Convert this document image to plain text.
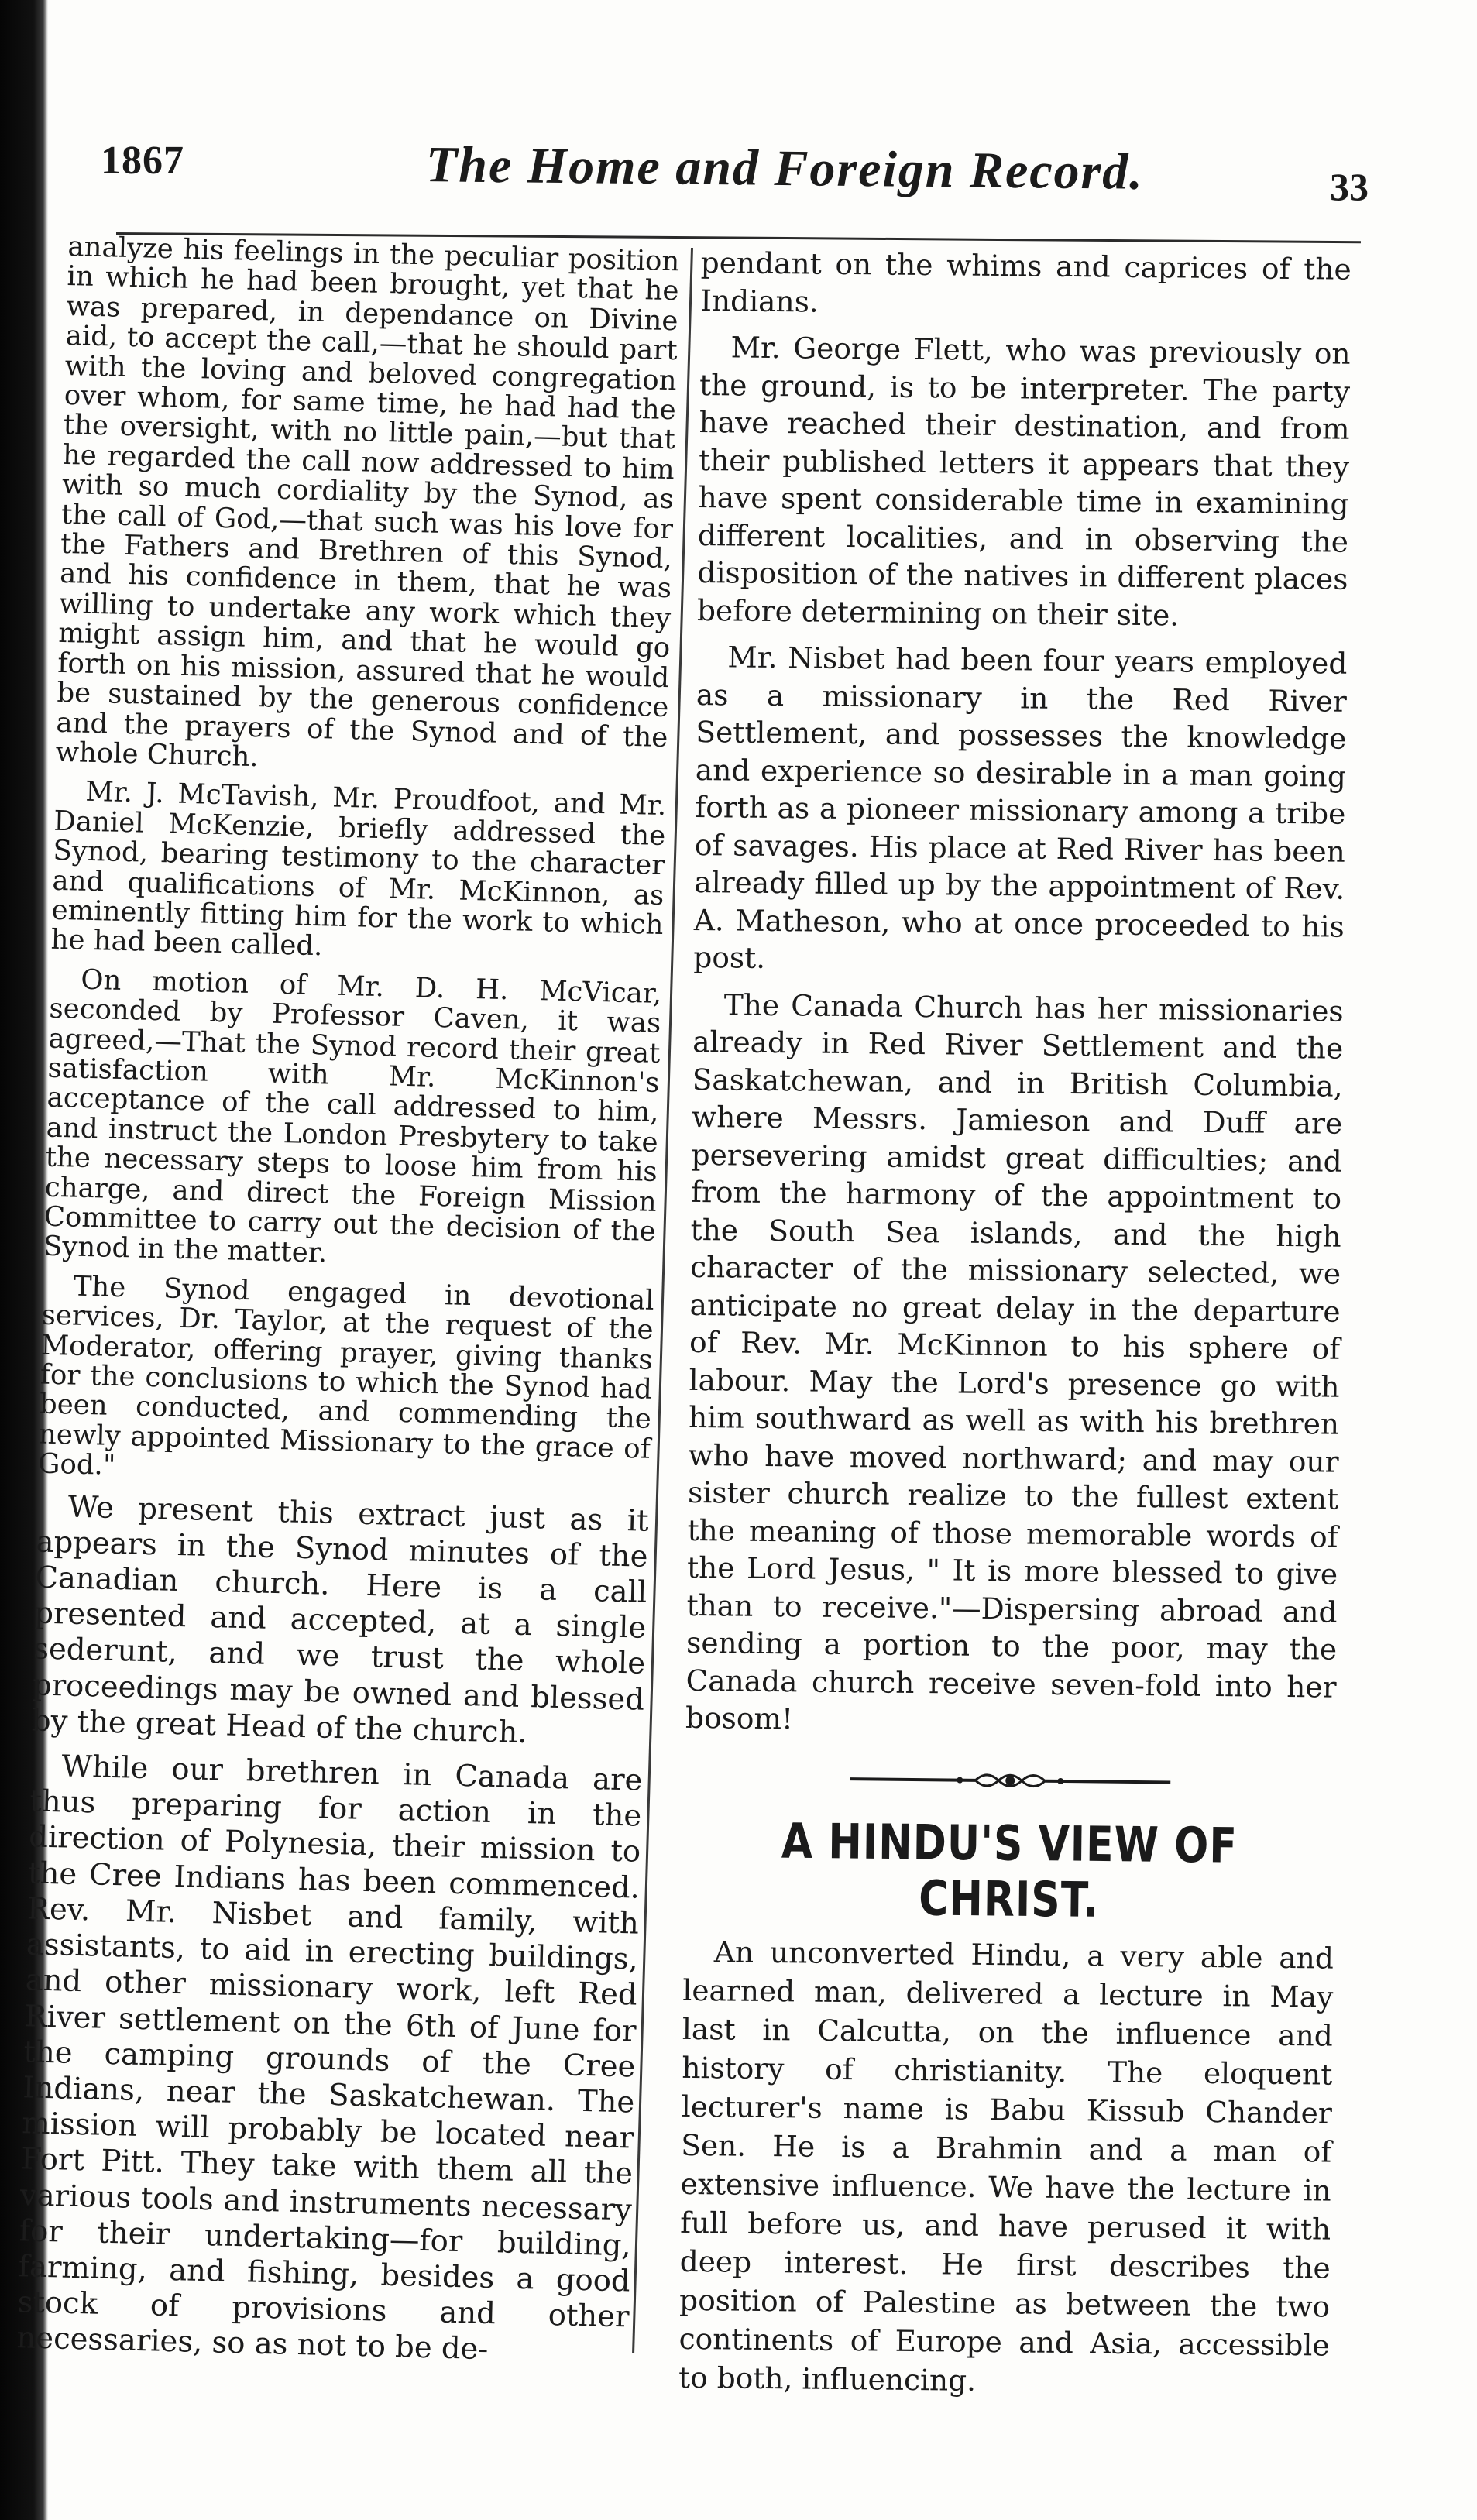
1867	The Home and Foreign Record.	33

analyze his feelings in the peculiar position in which he had been brought, yet that he was prepared, in dependance on Divine aid, to accept the call,—that he should part with the loving and beloved congregation over whom, for same time, he had had the the oversight, with no little pain,—but that he regarded the call now addressed to him with so much cordiality by the Synod, as the call of God,—that such was his love for the Fathers and Brethren of this Synod, and his confidence in them, that he was willing to undertake any work which they might assign him, and that he would go forth on his mission, assured that he would be sustained by the generous confidence and the prayers of the Synod and of the whole Church.

Mr. J. McTavish, Mr. Proudfoot, and Mr. Daniel McKenzie, briefly addressed the Synod, bearing testimony to the character and qualifications of Mr. McKinnon, as eminently fitting him for the work to which he had been called.

On motion of Mr. D. H. McVicar, seconded by Professor Caven, it was agreed,—That the Synod record their great satisfaction with Mr. McKinnon's acceptance of the call addressed to him, and instruct the London Presbytery to take the necessary steps to loose him from his charge, and direct the Foreign Mission Committee to carry out the decision of the Synod in the matter.

The Synod engaged in devotional services, Dr. Taylor, at the request of the Moderator, offering prayer, giving thanks for the conclusions to which the Synod had been conducted, and commending the newly appointed Missionary to the grace of God."

We present this extract just as it appears in the Synod minutes of the Canadian church. Here is a call presented and accepted, at a single sederunt, and we trust the whole proceedings may be owned and blessed by the great Head of the church.

While our brethren in Canada are thus preparing for action in the direction of Polynesia, their mission to the Cree Indians has been commenced. Rev. Mr. Nisbet and family, with assistants, to aid in erecting buildings, and other missionary work, left Red River settlement on the 6th of June for the camping grounds of the Cree Indians, near the Saskatchewan. The mission will probably be located near Fort Pitt. They take with them all the various tools and instruments necessary for their undertaking—for building, farming, and fishing, besides a good stock of provisions and other necessaries, so as not to be de-

pendant on the whims and caprices of the Indians.

Mr. George Flett, who was previously on the ground, is to be interpreter. The party have reached their destination, and from their published letters it appears that they have spent considerable time in examining different localities, and in observing the disposition of the natives in different places before determining on their site.

Mr. Nisbet had been four years employed as a missionary in the Red River Settlement, and possesses the knowledge and experience so desirable in a man going forth as a pioneer missionary among a tribe of savages. His place at Red River has been already filled up by the appointment of Rev. A. Matheson, who at once proceeded to his post.

The Canada Church has her missionaries already in Red River Settlement and the Saskatchewan, and in British Columbia, where Messrs. Jamieson and Duff are persevering amidst great difficulties; and from the harmony of the appointment to the South Sea islands, and the high character of the missionary selected, we anticipate no great delay in the departure of Rev. Mr. McKinnon to his sphere of labour. May the Lord's presence go with him southward as well as with his brethren who have moved northward; and may our sister church realize to the fullest extent the meaning of those memorable words of the Lord Jesus, " It is more blessed to give than to receive."—Dispersing abroad and sending a portion to the poor, may the Canada church receive seven-fold into her bosom!

A HINDU'S VIEW OF CHRIST.

An unconverted Hindu, a very able and learned man, delivered a lecture in May last in Calcutta, on the influence and history of christianity. The eloquent lecturer's name is Babu Kissub Chander Sen. He is a Brahmin and a man of extensive influence. We have the lecture in full before us, and have perused it with deep interest. He first describes the position of Palestine as between the two continents of Europe and Asia, accessible to both, influencing.
